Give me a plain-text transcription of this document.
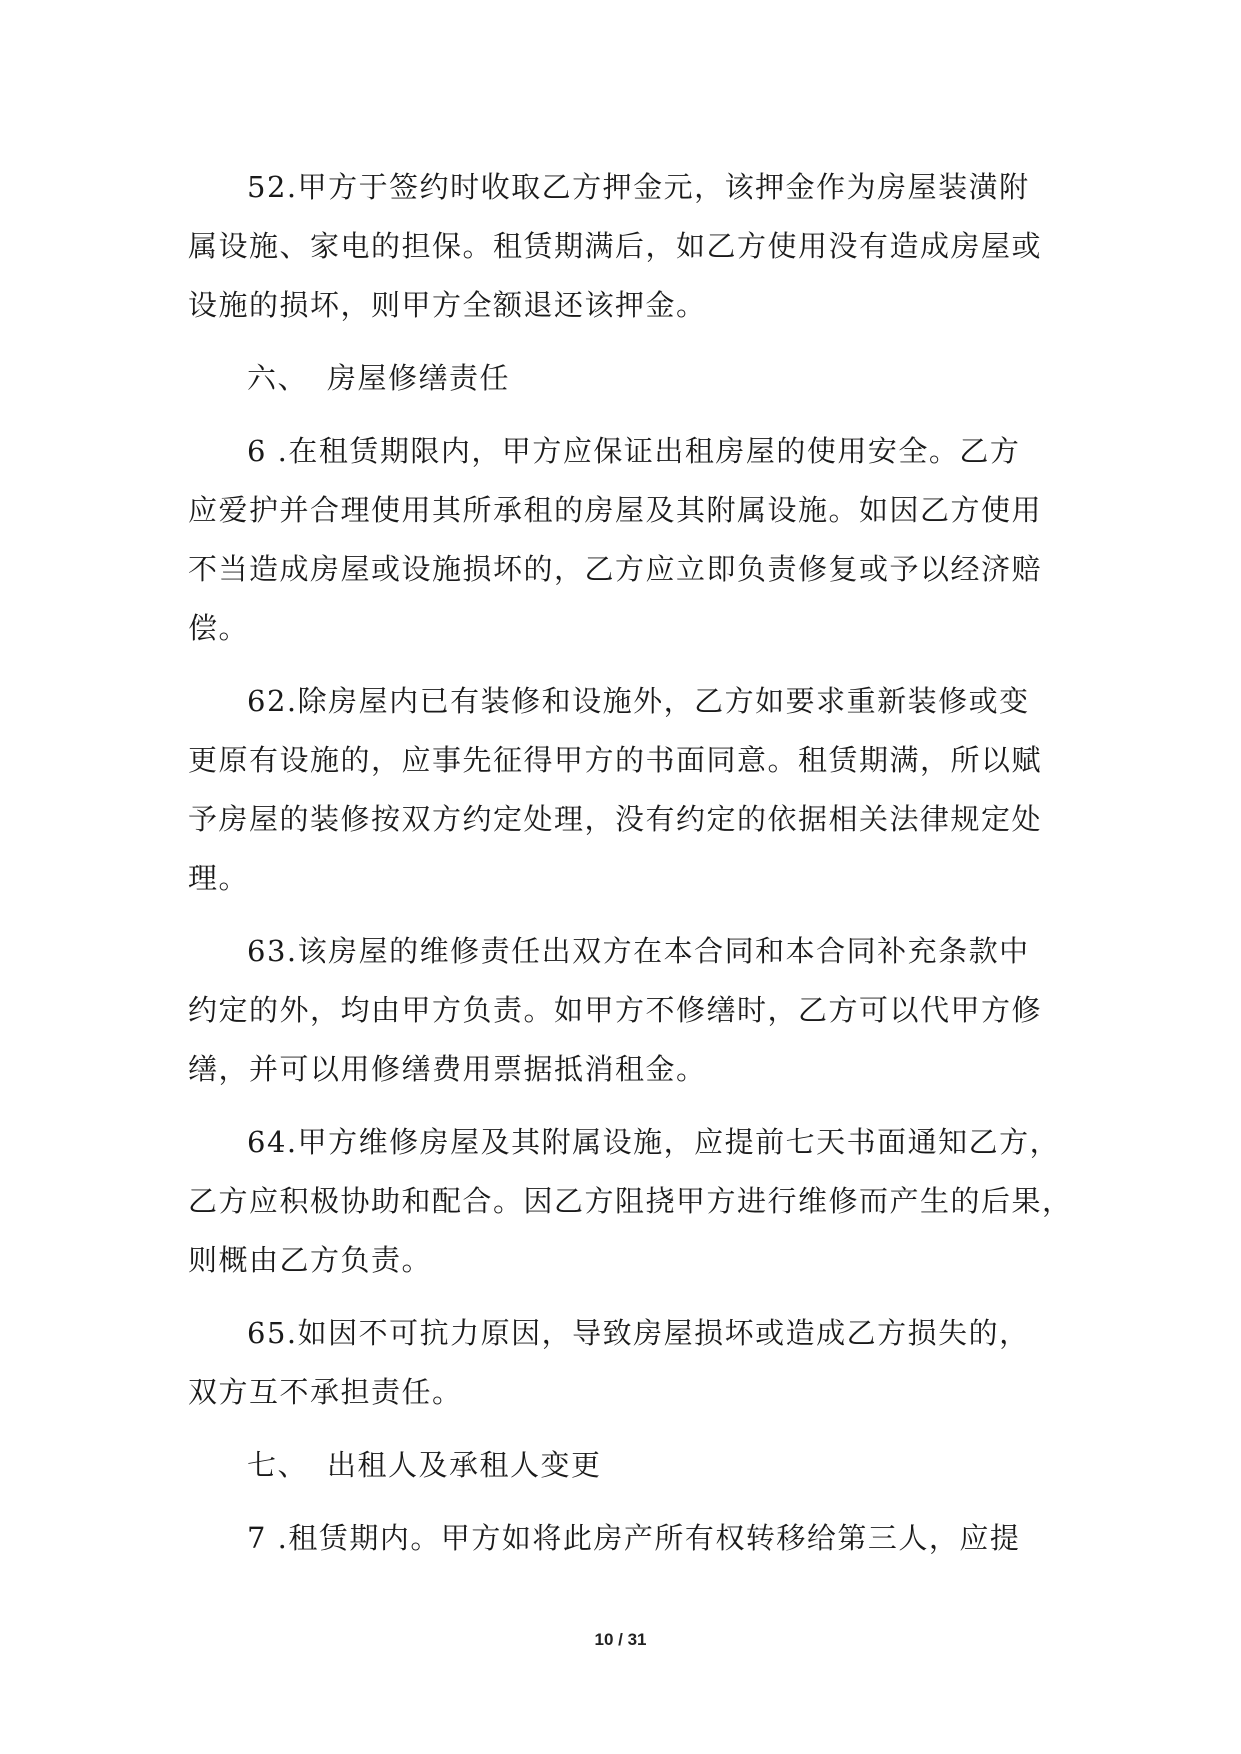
52.甲方于签约时收取乙方押金元，该押金作为房屋装潢附
属设施、家电的担保。租赁期满后，如乙方使用没有造成房屋或
设施的损坏，则甲方全额退还该押金。

六、 房屋修缮责任

6 .在租赁期限内，甲方应保证出租房屋的使用安全。乙方
应爱护并合理使用其所承租的房屋及其附属设施。如因乙方使用
不当造成房屋或设施损坏的，乙方应立即负责修复或予以经济赔
偿。

62.除房屋内已有装修和设施外，乙方如要求重新装修或变
更原有设施的，应事先征得甲方的书面同意。租赁期满，所以赋
予房屋的装修按双方约定处理，没有约定的依据相关法律规定处
理。

63.该房屋的维修责任出双方在本合同和本合同补充条款中
约定的外，均由甲方负责。如甲方不修缮时，乙方可以代甲方修
缮，并可以用修缮费用票据抵消租金。

64.甲方维修房屋及其附属设施，应提前七天书面通知乙方，
乙方应积极协助和配合。因乙方阻挠甲方进行维修而产生的后果，
则概由乙方负责。

65.如因不可抗力原因，导致房屋损坏或造成乙方损失的，
双方互不承担责任。

七、 出租人及承租人变更

7 .租赁期内。甲方如将此房产所有权转移给第三人，应提

10 / 31
